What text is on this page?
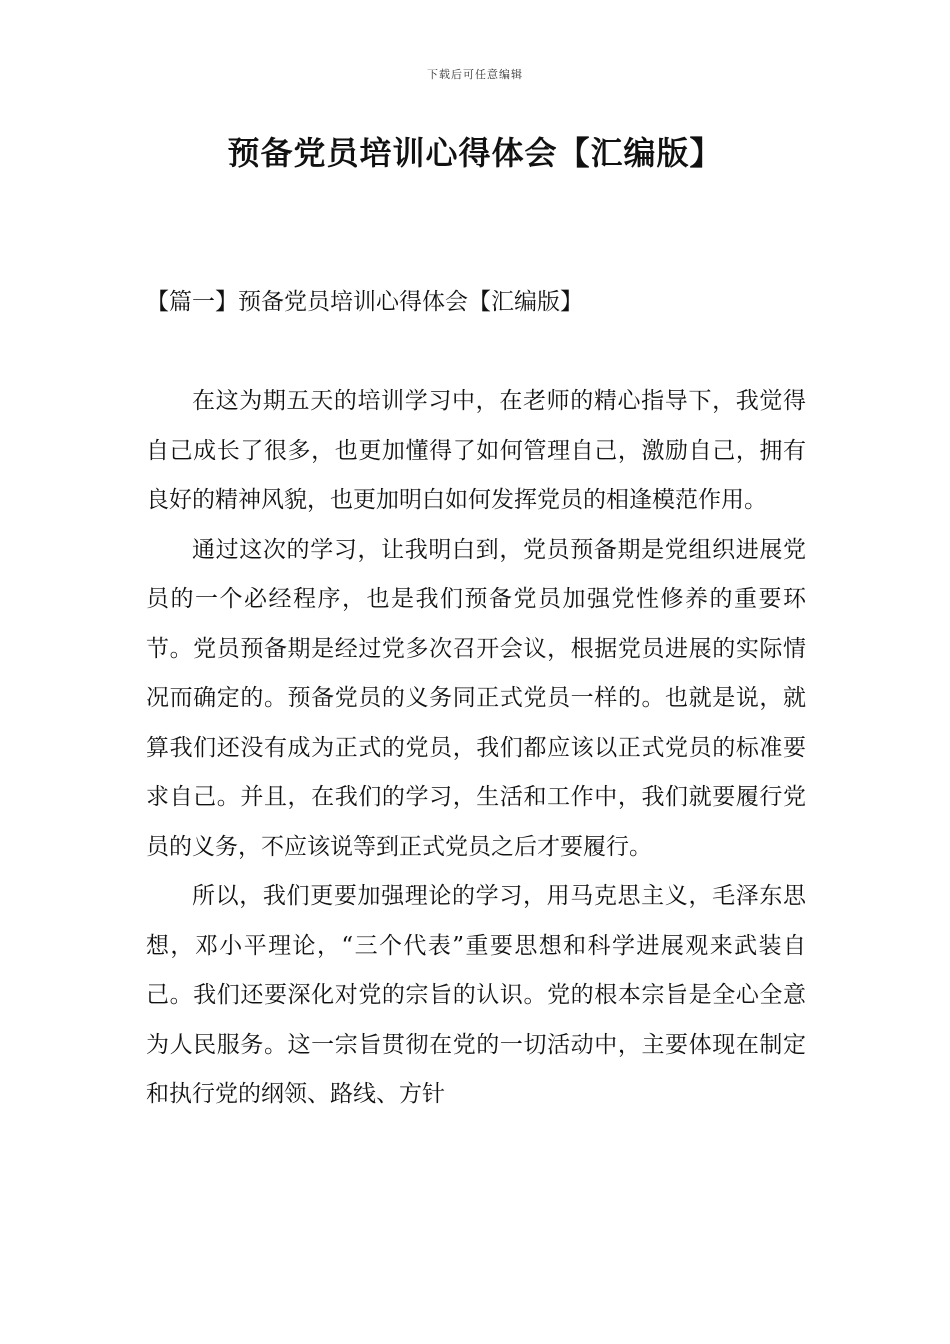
下载后可任意编辑
预备党员培训心得体会【汇编版】
【篇一】预备党员培训心得体会【汇编版】

在这为期五天的培训学习中，在老师的精心指导下，我觉得自己成长了很多，也更加懂得了如何管理自己，激励自己，拥有良好的精神风貌，也更加明白如何发挥党员的相逢模范作用。

通过这次的学习，让我明白到，党员预备期是党组织进展党员的一个必经程序，也是我们预备党员加强党性修养的重要环节。党员预备期是经过党多次召开会议，根据党员进展的实际情况而确定的。预备党员的义务同正式党员一样的。也就是说，就算我们还没有成为正式的党员，我们都应该以正式党员的标准要求自己。并且，在我们的学习，生活和工作中，我们就要履行党员的义务，不应该说等到正式党员之后才要履行。

所以，我们更要加强理论的学习，用马克思主义，毛泽东思想，邓小平理论，“三个代表”重要思想和科学进展观来武装自己。我们还要深化对党的宗旨的认识。党的根本宗旨是全心全意为人民服务。这一宗旨贯彻在党的一切活动中，主要体现在制定和执行党的纲领、路线、方针
